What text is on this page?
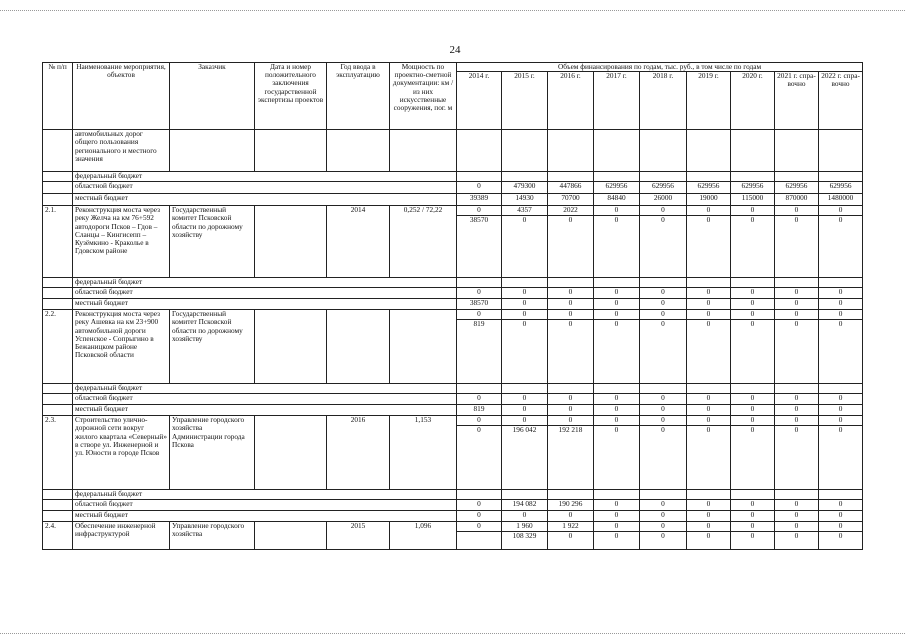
24
№ п/п	Наименование мероприятия, объектов	Заказчик	Дата и номер положительного заключения государственной экспертизы проектов	Год ввода в эксплуатацию	Мощность по проектно-сметной документации: км / из них искусственные сооружения, пог. м	Объем финансирования по годам, тыс. руб., в том числе по годам								
						2014 г.	2015 г.	2016 г.	2017 г.	2018 г.	2019 г.	2020 г.	2021 г. спра-вочно	2022 г. спра-вочно
	автомобильных дорог общего пользования регионального и местного значения													
	федеральный бюджет													
	областной бюджет					0	479300	447866	629956	629956	629956	629956	629956	629956
	местный бюджет					39389	14930	70700	84840	26000	19000	115000	870000	1480000
2.1.	Реконструкция моста через реку Желча на км 76+592 автодороги Псков – Гдов – Сланцы – Кингисепп – Кузёмкино - Краколье в Гдовском районе	Государственный комитет Псковской области по дорожному хозяйству		2014	0,252 / 72,22	0	4357	2022	0	0	0	0	0	0
						38570	0	0	0	0	0	0	0	0
	федеральный бюджет													
	областной бюджет					0	0	0	0	0	0	0	0	0
	местный бюджет					38570	0	0	0	0	0	0	0	0
2.2.	Реконструкция моста через реку Ашевка на км 23+900 автомобильной дороги Успенское - Сопрыгино в Бежаницком районе Псковской области	Государственный комитет Псковской области по дорожному хозяйству				0	0	0	0	0	0	0	0	0
						819	0	0	0	0	0	0	0	0
	федеральный бюджет													
	областной бюджет					0	0	0	0	0	0	0	0	0
	местный бюджет					819	0	0	0	0	0	0	0	0
2.3.	Строительство улично-дорожной сети вокруг жилого квартала «Северный» в створе ул. Инженерной и ул. Юности в городе Псков	Управление городского хозяйства Администрации города Пскова		2016	1,153	0	0	0	0	0	0	0	0	0
						0	196 042	192 218	0	0	0	0	0	0
	федеральный бюджет													
	областной бюджет					0	194 082	190 296	0	0	0	0	0	0
	местный бюджет					0	0	0	0	0	0	0	0	0
2.4.	Обеспечение инженерной инфраструктурой	Управление городского хозяйства		2015	1,096	0	1 960	1 922	0	0	0	0	0	0
							108 329	0	0	0	0	0	0	0
